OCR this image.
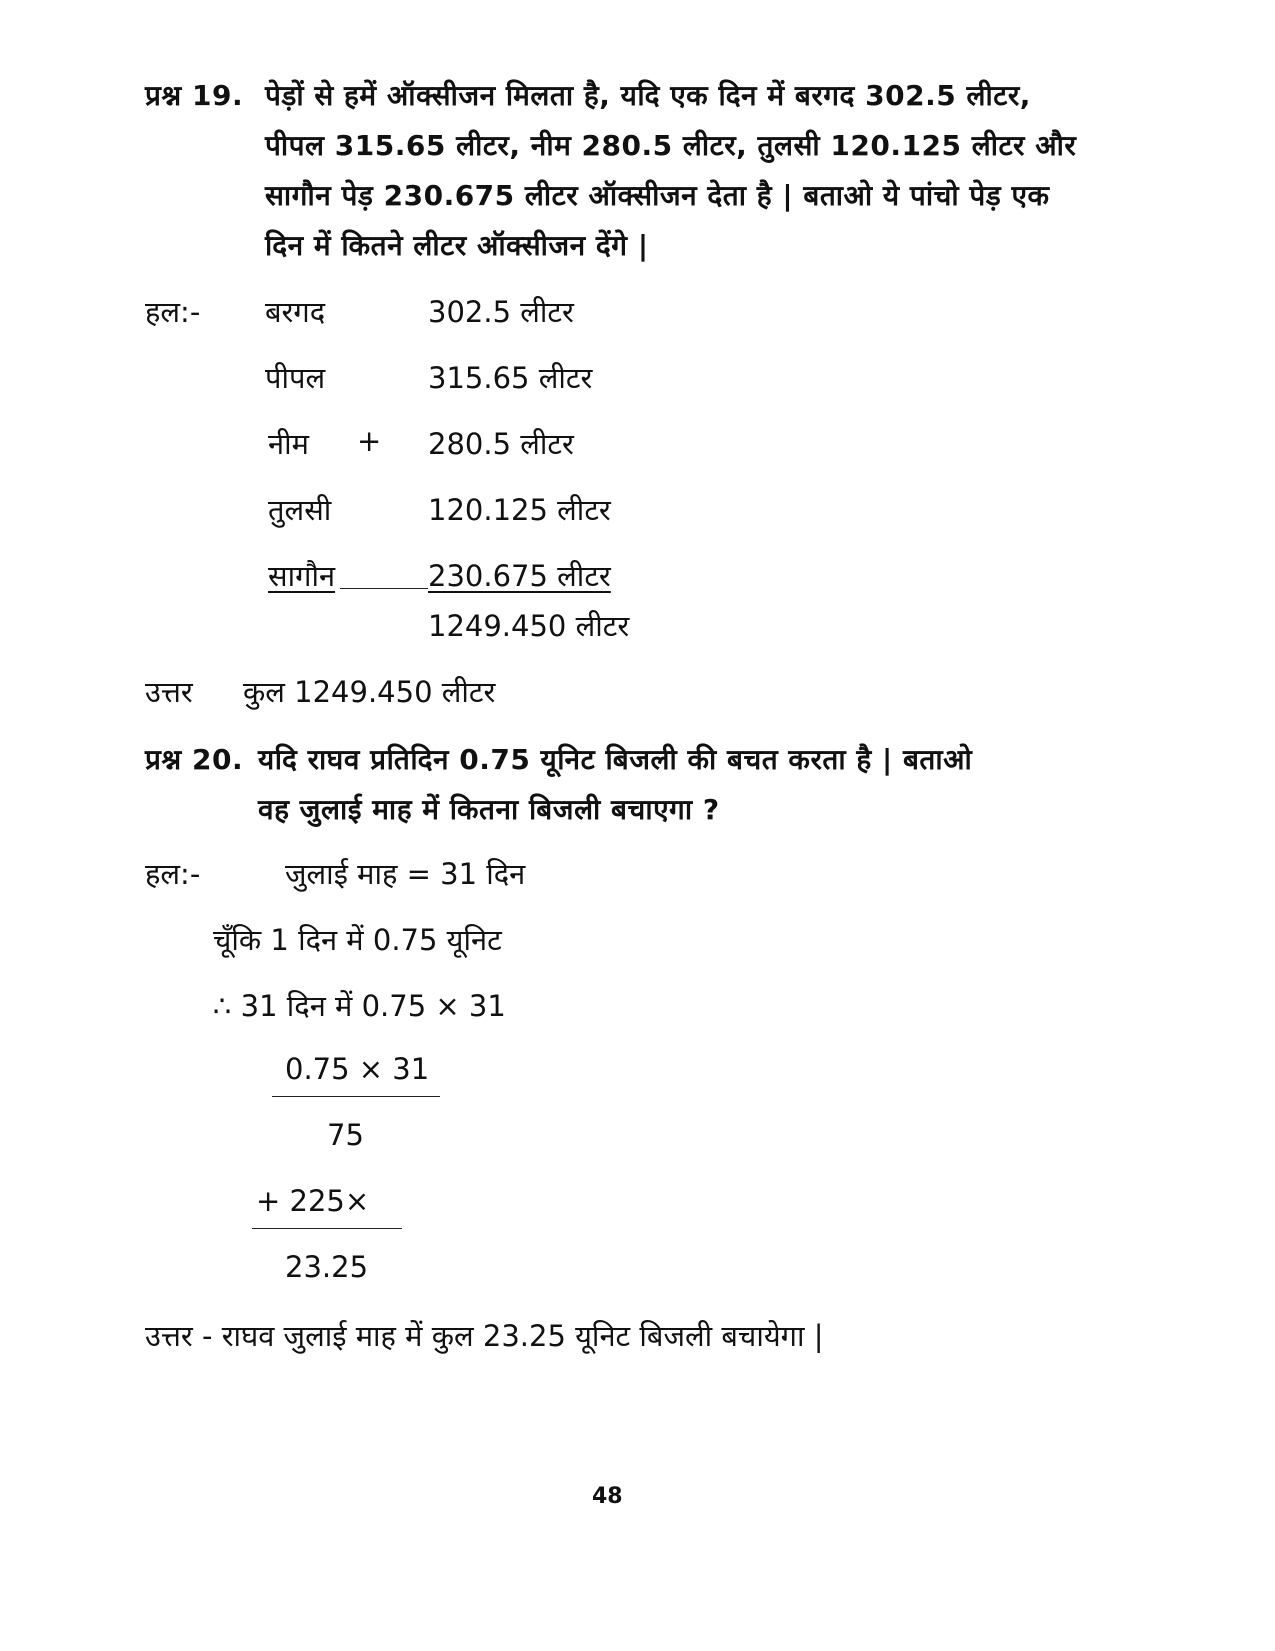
प्रश्न 19. पेड़ों से हमें ऑक्सीजन मिलता है, यदि एक दिन में बरगद 302.5 लीटर,
पीपल 315.65 लीटर, नीम 280.5 लीटर, तुलसी 120.125 लीटर और
सागौन पेड़ 230.675 लीटर ऑक्सीजन देता है | बताओ ये पांचो पेड़ एक
दिन में कितने लीटर ऑक्सीजन देंगे |
हल:- बरगद	302.5 लीटर
पीपल	315.65 लीटर
नीम + 280.5 लीटर
तुलसी	120.125 लीटर
सागौन	230.675 लीटर
1249.450 लीटर
उत्तर कुल 1249.450 लीटर
प्रश्न 20. यदि राघव प्रतिदिन 0.75 यूनिट बिजली की बचत करता है | बताओ
वह जुलाई माह में कितना बिजली बचाएगा ?
हल:-	जुलाई माह = 31 दिन
चूँकि 1 दिन में 0.75 यूनिट
∴ 31 दिन में 0.75 × 31
0.75 × 31
75
+ 225×
23.25
उत्तर - राघव जुलाई माह में कुल 23.25 यूनिट बिजली बचायेगा |
48
